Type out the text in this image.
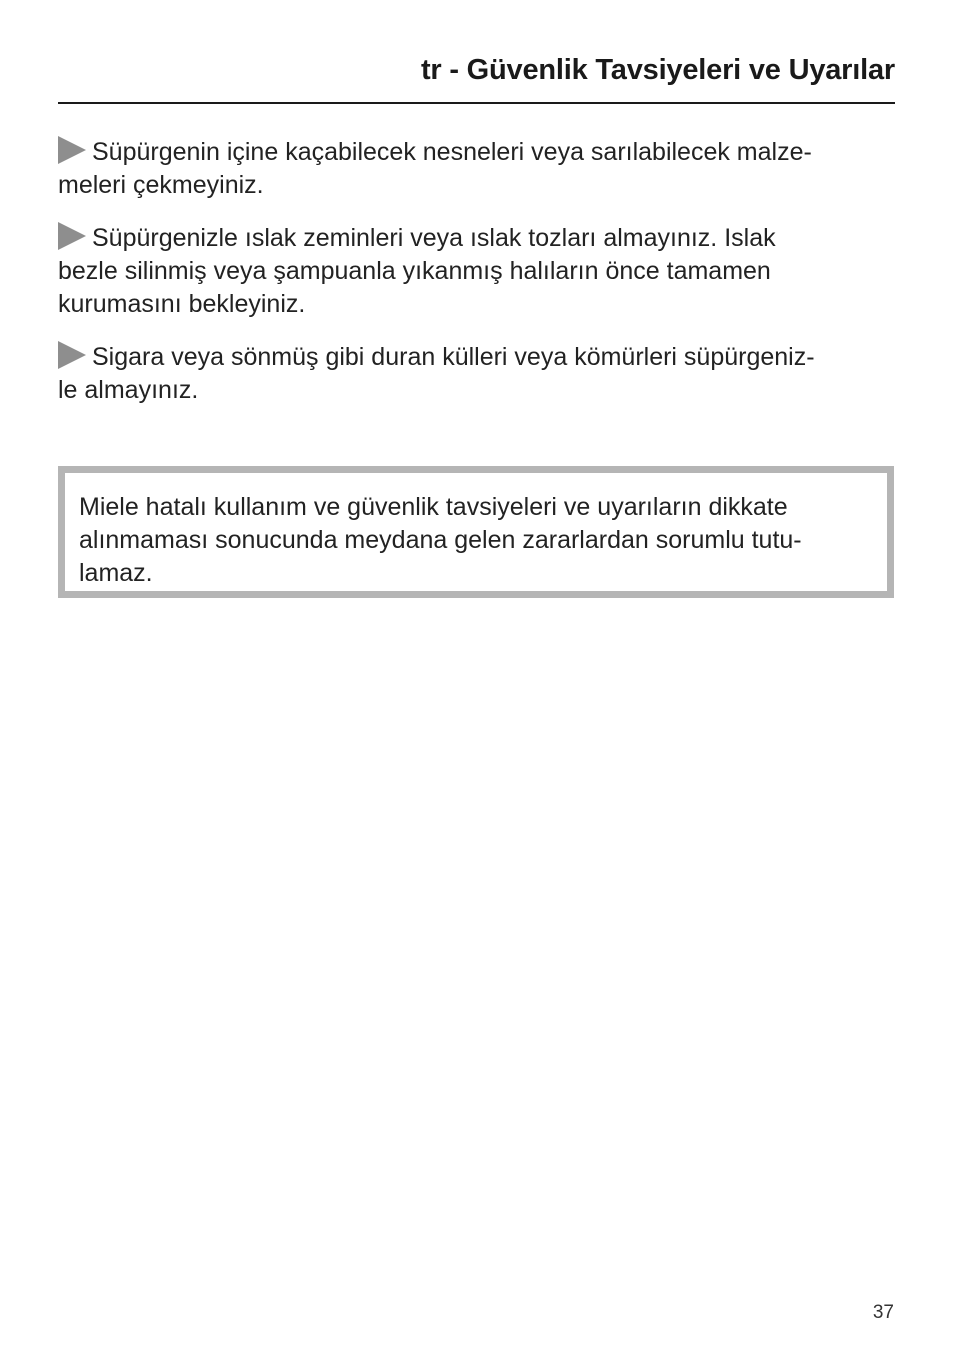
tr - Güvenlik Tavsiyeleri ve Uyarılar

Süpürgenin içine kaçabilecek nesneleri veya sarılabilecek malze-
meleri çekmeyiniz.

Süpürgenizle ıslak zeminleri veya ıslak tozları almayınız. Islak
bezle silinmiş veya şampuanla yıkanmış halıların önce tamamen
kurumasını bekleyiniz.

Sigara veya sönmüş gibi duran külleri veya kömürleri süpürgeniz-
le almayınız.

Miele hatalı kullanım ve güvenlik tavsiyeleri ve uyarıların dikkate
alınmaması sonucunda meydana gelen zararlardan sorumlu tutu-
lamaz.
37
